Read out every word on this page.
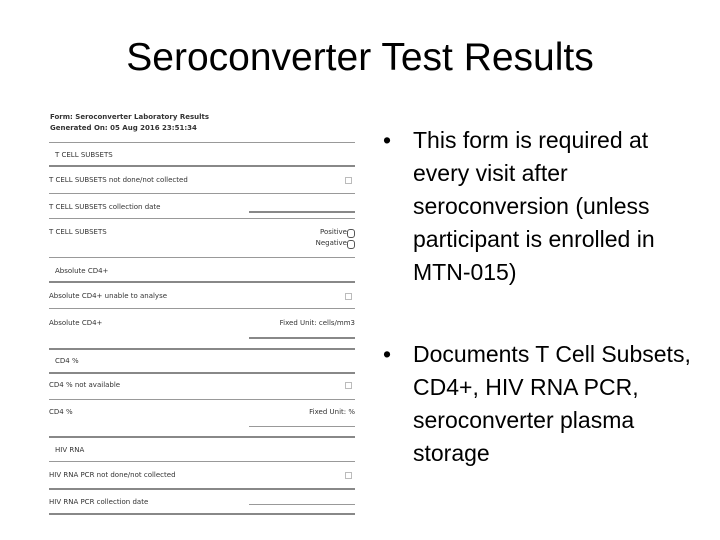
Seroconverter Test Results
Form: Seroconverter Laboratory Results
Generated On: 05 Aug 2016 23:51:34
T CELL SUBSETS
T CELL SUBSETS not done/not collected
T CELL SUBSETS collection date
T CELL SUBSETS	Positive
Negative
Absolute CD4+
Absolute CD4+ unable to analyse
Absolute CD4+	Fixed Unit: cells/mm3
CD4 %
CD4 % not available
CD4 %	Fixed Unit: %
HIV RNA
HIV RNA PCR not done/not collected
HIV RNA PCR collection date
• This form is required at every visit after seroconversion (unless participant is enrolled in MTN-015)
• Documents T Cell Subsets, CD4+, HIV RNA PCR, seroconverter plasma storage
